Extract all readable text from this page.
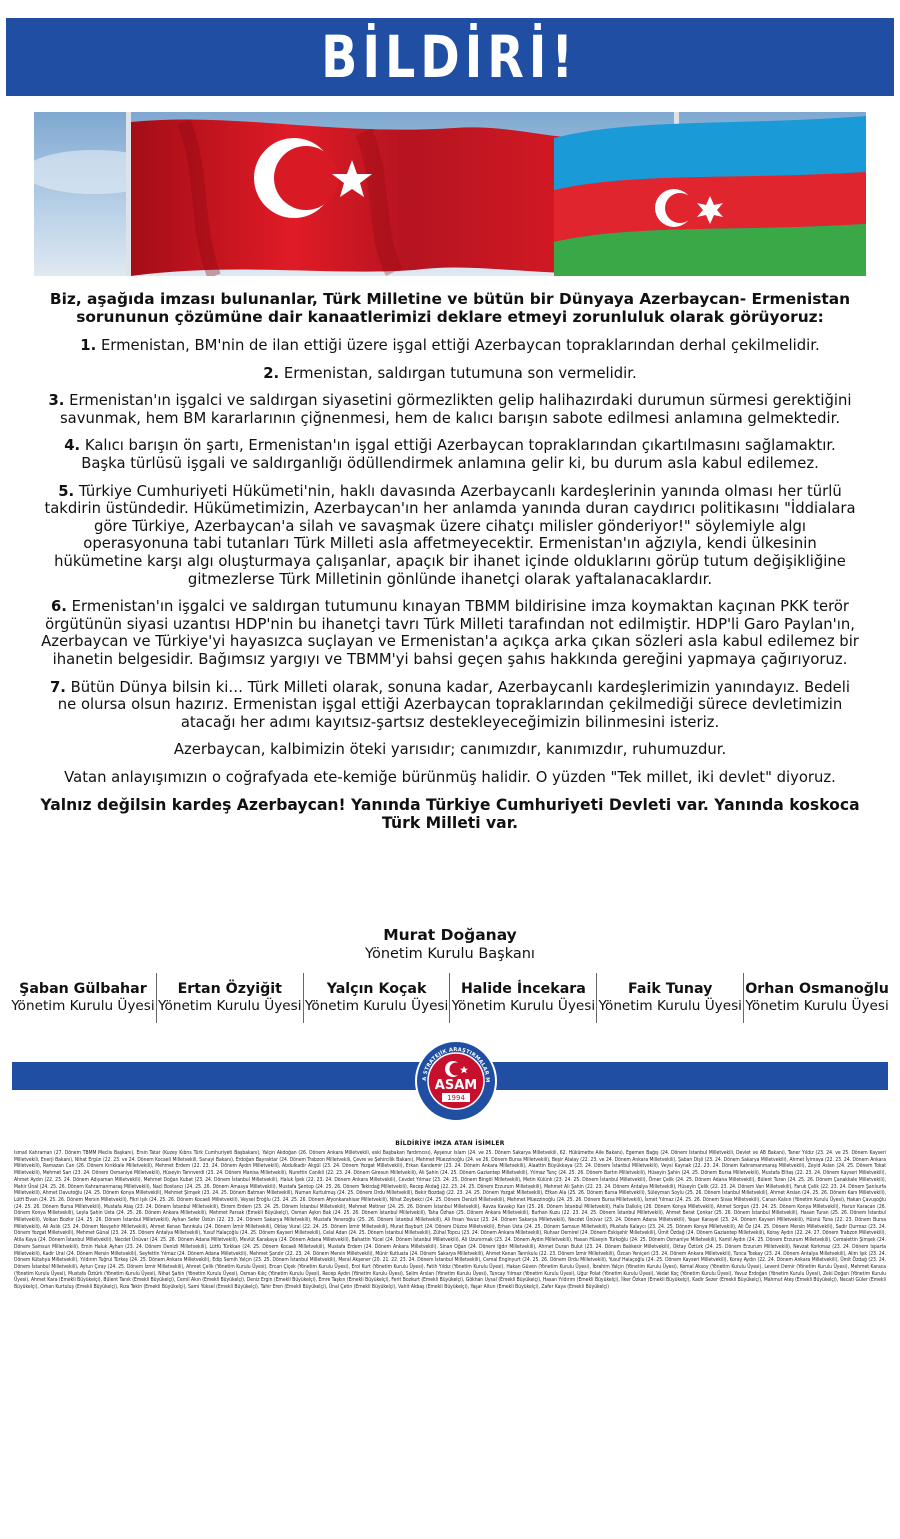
BİLDİRİ!

Biz, aşağıda imzası bulunanlar, Türk Milletine ve bütün bir Dünyaya Azerbaycan- Ermenistan sorununun çözümüne dair kanaatlerimizi deklare etmeyi zorunluluk olarak görüyoruz:

1. Ermenistan, BM'nin de ilan ettiği üzere işgal ettiği Azerbaycan topraklarından derhal çekilmelidir.

2. Ermenistan, saldırgan tutumuna son vermelidir.

3. Ermenistan'ın işgalci ve saldırgan siyasetini görmezlikten gelip halihazırdaki durumun sürmesi gerektiğini savunmak, hem BM kararlarının çiğnenmesi, hem de kalıcı barışın sabote edilmesi anlamına gelmektedir.

4. Kalıcı barışın ön şartı, Ermenistan'ın işgal ettiği Azerbaycan topraklarından çıkartılmasını sağlamaktır. Başka türlüsü işgali ve saldırganlığı ödüllendirmek anlamına gelir ki, bu durum asla kabul edilemez.

5. Türkiye Cumhuriyeti Hükümeti'nin, haklı davasında Azerbaycanlı kardeşlerinin yanında olması her türlü takdirin üstündedir. Hükümetimizin, Azerbaycan'ın her anlamda yanında duran caydırıcı politikasını "İddialara göre Türkiye, Azerbaycan'a silah ve savaşmak üzere cihatçı milisler gönderiyor!" söylemiyle algı operasyonuna tabi tutanları Türk Milleti asla affetmeyecektir. Ermenistan'ın ağzıyla, kendi ülkesinin hükümetine karşı algı oluşturmaya çalışanlar, apaçık bir ihanet içinde olduklarını görüp tutum değişikliğine gitmezlerse Türk Milletinin gönlünde ihanetçi olarak yaftalanacaklardır.

6. Ermenistan'ın işgalci ve saldırgan tutumunu kınayan TBMM bildirisine imza koymaktan kaçınan PKK terör örgütünün siyasi uzantısı HDP'nin bu ihanetçi tavrı Türk Milleti tarafından not edilmiştir. HDP'li Garo Paylan'ın, Azerbaycan ve Türkiye'yi hayasızca suçlayan ve Ermenistan'a açıkça arka çıkan sözleri asla kabul edilemez bir ihanetin belgesidir. Bağımsız yargıyı ve TBMM'yi bahsi geçen şahıs hakkında gereğini yapmaya çağırıyoruz.

7. Bütün Dünya bilsin ki… Türk Milleti olarak, sonuna kadar, Azerbaycanlı kardeşlerimizin yanındayız. Bedeli ne olursa olsun hazırız. Ermenistan işgal ettiği Azerbaycan topraklarından çekilmediği sürece devletimizin atacağı her adımı kayıtsız-şartsız destekleyeceğimizin bilinmesini isteriz.

Azerbaycan, kalbimizin öteki yarısıdır; canımızdır, kanımızdır, ruhumuzdur.

Vatan anlayışımızın o coğrafyada ete-kemiğe bürünmüş halidir. O yüzden "Tek millet, iki devlet" diyoruz.

Yalnız değilsin kardeş Azerbaycan! Yanında Türkiye Cumhuriyeti Devleti var. Yanında koskoca Türk Milleti var.

Murat Doğanay
Yönetim Kurulu Başkanı
Şaban Gülbahar
Yönetim Kurulu Üyesi
Ertan Özyiğit
Yönetim Kurulu Üyesi
Yalçın Koçak
Yönetim Kurulu Üyesi
Halide İncekara
Yönetim Kurulu Üyesi
Faik Tunay
Yönetim Kurulu Üyesi
Orhan Osmanoğlu
Yönetim Kurulu Üyesi
A STRATEJİK ARAŞTIRMALAR M
ASAM
1994
BİLDİRİYE İMZA ATAN İSİMLER
İsmail Kahraman (27. Dönem TBMM Meclis Başkanı), Ersin Tatar (Kuzey Kıbrıs Türk Cumhuriyeti Başbakanı), Yalçın Akdoğan (26. Dönem Ankara Milletvekili, eski Başbakan Yardımcısı), Ayşenur İslam (24. ve 25. Dönem Sakarya Milletvekili, 62. Hükümette Aile Bakanı), Egemen Bağış (24. Dönem İstanbul Milletvekili, Devlet ve AB Bakanı), Taner Yıldız (23. 24. ve 25. Dönem Kayseri Milletvekili, Enerji Bakanı), Nihat Ergün (22. 23. ve 24. Dönem Kocaeli Milletvekili, Sanayi Bakanı), Erdoğan Bayraktar (24. Dönem Trabzon Milletvekili, Çevre ve Şehircilik Bakanı), Mehmet Müezzinoğlu (24. ve 26. Dönem Bursa Milletvekili), Beşir Atalay (22. 23. ve 24. Dönem Ankara Milletvekili), Şaban Dişli (23. 24. Dönem Sakarya Milletvekili), Ahmet İyimaya (22. 23. 24. Dönem Ankara Milletvekili), Ramazan Can (26. Dönem Kırıkkale Milletvekili), Mehmet Erdem (22. 23. 24. Dönem Aydın Milletvekili), Abdulkadir Akgül (23. 24. Dönem Yozgat Milletvekili), Erkan Kandemir (23. 24. Dönem Ankara Milletvekili), Alaattin Büyükkaya (23. 24. Dönem İstanbul Milletvekili), Veysi Kaynak (22. 23. 24. Dönem Kahramanmaraş Milletvekili), Zeyid Aslan (24. 25. Dönem Tokat Milletvekili), Mehmet Sarı (23. 24. Dönem Osmaniye Milletvekili), Hüseyin Tanrıverdi (23. 24. Dönem Manisa Milletvekili), Nurettin Canikli (22. 23. 24. Dönem Giresun Milletvekili), Ali Şahin (24. 25. Dönem Gaziantep Milletvekili), Yılmaz Tunç (24. 25. 26. Dönem Bartın Milletvekili), Hüseyin Şahin (24. 25. Dönem Bursa Milletvekili), Mustafa Elitaş (22. 23. 24. Dönem Kayseri Milletvekili), Ahmet Aydın (22. 23. 24. Dönem Adıyaman Milletvekili), Mehmet Doğan Kubat (23. 24. Dönem İstanbul Milletvekili), Haluk İpek (22. 23. 24. Dönem Ankara Milletvekili), Cevdet Yılmaz (23. 24. 25. Dönem Bingöl Milletvekili), Metin Külünk (23. 24. 25. Dönem İstanbul Milletvekili), Ömer Çelik (24. 25. Dönem Adana Milletvekili), Bülent Turan (24. 25. 26. Dönem Çanakkale Milletvekili), Mahir Ünal (24. 25. 26. Dönem Kahramanmaraş Milletvekili), Naci Bostancı (24. 25. 26. Dönem Amasya Milletvekili), Mustafa Şentop (24. 25. 26. Dönem Tekirdağ Milletvekili), Recep Akdağ (22. 23. 24. 25. Dönem Erzurum Milletvekili), Mehmet Ali Şahin (22. 23. 24. Dönem Antalya Milletvekili), Hüseyin Çelik (22. 23. 24. Dönem Van Milletvekili), Faruk Çelik (22. 23. 24. Dönem Şanlıurfa Milletvekili), Ahmet Davutoğlu (24. 25. Dönem Konya Milletvekili), Mehmet Şimşek (23. 24. 25. Dönem Batman Milletvekili), Numan Kurtulmuş (24. 25. Dönem Ordu Milletvekili), Bekir Bozdağ (22. 23. 24. 25. Dönem Yozgat Milletvekili), Efkan Ala (25. 26. Dönem Bursa Milletvekili), Süleyman Soylu (25. 26. Dönem İstanbul Milletvekili), Ahmet Arslan (24. 25. 26. Dönem Kars Milletvekili), Lütfi Elvan (24. 25. 26. Dönem Mersin Milletvekili), Fikri Işık (24. 25. 26. Dönem Kocaeli Milletvekili), Veysel Eroğlu (23. 24. 25. 26. Dönem Afyonkarahisar Milletvekili), Nihat Zeybekci (24. 25. Dönem Denizli Milletvekili), Mehmet Müezzinoğlu (24. 25. 26. Dönem Bursa Milletvekili), İsmet Yılmaz (24. 25. 26. Dönem Sivas Milletvekili), Canan Kalsın (Yönetim Kurulu Üyesi), Hakan Çavuşoğlu (24. 25. 26. Dönem Bursa Milletvekili), Mustafa Ataş (23. 24. Dönem İstanbul Milletvekili), Ekrem Erdem (23. 24. 25. Dönem İstanbul Milletvekili), Mehmet Metiner (24. 25. 26. Dönem İstanbul Milletvekili), Ravza Kavakçı Kan (25. 26. Dönem İstanbul Milletvekili), Halis Dalkılıç (26. Dönem Konya Milletvekili), Ahmet Sorgun (23. 24. 25. Dönem Konya Milletvekili), Harun Karacan (26. Dönem Konya Milletvekili), Leyla Şahin Usta (24. 25. 26. Dönem Ankara Milletvekili), Mehmet Parsak (Emekli Büyükelçi), Osman Aşkın Bak (24. 25. 26. Dönem İstanbul Milletvekili), Taha Özhan (25. Dönem Ankara Milletvekili), Burhan Kuzu (22. 23. 24. 25. Dönem İstanbul Milletvekili), Ahmet Berat Çonkar (25. 26. Dönem İstanbul Milletvekili), Hasan Turan (25. 26. Dönem İstanbul Milletvekili), Volkan Bozkır (24. 25. 26. Dönem İstanbul Milletvekili), Ayhan Sefer Üstün (22. 23. 24. Dönem Sakarya Milletvekili), Mustafa Yeneroğlu (25. 26. Dönem İstanbul Milletvekili), Ali Ihsan Yavuz (23. 24. Dönem Sakarya Milletvekili), Necdet Ünüvar (23. 24. Dönem Adana Milletvekili), Yaşar Karayel (23. 24. Dönem Kayseri Milletvekili), Hüsnü Tuna (22. 23. Dönem Bursa Milletvekili), Ali Aslık (23. 24. Dönem Nevşehir Milletvekili), Ahmet Kenan Tanrıkulu (24. Dönem İzmir Milletvekili), Oktay Vural (22. 24. 25. Dönem İzmir Milletvekili), Murat Bayburt (24. Dönem Düzce Milletvekili), Erhan Usta (24. 25. Dönem Samsun Milletvekili), Mustafa Kalaycı (23. 24. 25. Dönem Konya Milletvekili), Ali Öz (24. 25. Dönem Mersin Milletvekili), Sadir Durmaz (23. 24. Dönem Yozgat Milletvekili), Mehmet Günal (23. 24. 25. Dönem Antalya Milletvekili), Yusuf Halaçoğlu (24. 25. Dönem Kayseri Milletvekili), Celal Adan (24. 25. Dönem İstanbul Milletvekili), Zühal Topcu (23. 24. Dönem Ankara Milletvekili), Ruhsar Demirel (24. Dönem Eskişehir Milletvekili), Ümit Özdağ (24. Dönem Gaziantep Milletvekili), Koray Aydın (22. 24. 27. Dönem Trabzon Milletvekili), Atila Kaya (24. Dönem İstanbul Milletvekili), Necdet Ünüvar (24. 25. 26. Dönem Adana Milletvekili), Mevlüt Karakaya (24. Dönem Adana Milletvekili), Bahattin Yücel (24. Dönem İstanbul Milletvekili), Ali Uzunırmak (23. 24. Dönem Aydın Milletvekili), Hasan Hüseyin Türkoğlu (24. 25. Dönem Osmaniye Milletvekili), Kamil Aydın (24. 25. Dönem Erzurum Milletvekili), Cemalettin Şimşek (24. Dönem Samsun Milletvekili), Emin Haluk Ayhan (23. 24. Dönem Denizli Milletvekili), Lütfü Türkkan (24. 25. Dönem Kocaeli Milletvekili), Mustafa Erdem (24. Dönem Ankara Milletvekili), Sinan Oğan (24. Dönem Iğdır Milletvekili), Ahmet Duran Bulut (23. 24. Dönem Balıkesir Milletvekili), Oktay Öztürk (24. 25. Dönem Erzurum Milletvekili), Nevzat Korkmaz (23. 24. Dönem Isparta Milletvekili), Kadir Ural (24. Dönem Mersin Milletvekili), Seyfettin Yılmaz (24. Dönem Adana Milletvekili), Mehmet Şandır (22. 23. 24. Dönem Mersin Milletvekili), Münir Kutluata (24. Dönem Sakarya Milletvekili), Ahmet Kenan Tanrıkulu (22. 23. Dönem İzmir Milletvekili), Özcan Yeniçeri (23. 24. Dönem Ankara Milletvekili), Tunca Toskay (23. 24. Dönem Antalya Milletvekili), Alim Işık (23. 24. Dönem Kütahya Milletvekili), Yıldırım Tuğrul Türkeş (24. 25. Dönem Ankara Milletvekili), Edip Semih Yalçın (23. 25. Dönem İstanbul Milletvekili), Meral Akşener (20. 21. 22. 23. 24. Dönem İstanbul Milletvekili), Cemal Enginyurt (24. 25. 26. Dönem Ordu Milletvekili), Yusuf Halaçoğlu (24. 25. Dönem Kayseri Milletvekili), Koray Aydın (22. 24. Dönem Ankara Milletvekili), Ümit Özdağ (23. 24. Dönem İstanbul Milletvekili), Aytun Çıray (24. 25. Dönem İzmir Milletvekili), Ahmet Çelik (Yönetim Kurulu Üyesi), Ercan Çiçek (Yönetim Kurulu Üyesi), Erol Kurt (Yönetim Kurulu Üyesi), Fatih Yıldız (Yönetim Kurulu Üyesi), Hakan Güven (Yönetim Kurulu Üyesi), İbrahim Yalçın (Yönetim Kurulu Üyesi), Kemal Aksoy (Yönetim Kurulu Üyesi), Levent Demir (Yönetim Kurulu Üyesi), Mehmet Karaca (Yönetim Kurulu Üyesi), Mustafa Öztürk (Yönetim Kurulu Üyesi), Nihat Şahin (Yönetim Kurulu Üyesi), Osman Kılıç (Yönetim Kurulu Üyesi), Recep Aydın (Yönetim Kurulu Üyesi), Selim Arslan (Yönetim Kurulu Üyesi), Tuncay Yılmaz (Yönetim Kurulu Üyesi), Uğur Polat (Yönetim Kurulu Üyesi), Vedat Koç (Yönetim Kurulu Üyesi), Yavuz Erdoğan (Yönetim Kurulu Üyesi), Zeki Doğan (Yönetim Kurulu Üyesi), Ahmet Kara (Emekli Büyükelçi), Bülent Tanık (Emekli Büyükelçi), Cemil Akın (Emekli Büyükelçi), Deniz Ergin (Emekli Büyükelçi), Emre Taşkın (Emekli Büyükelçi), Ferit Bozkurt (Emekli Büyükelçi), Gökhan Uysal (Emekli Büyükelçi), Hasan Yıldırım (Emekli Büyükelçi), İlker Özkan (Emekli Büyükelçi), Kadir Sezer (Emekli Büyükelçi), Mahmut Ateş (Emekli Büyükelçi), Necati Güler (Emekli Büyükelçi), Orhan Kurtuluş (Emekli Büyükelçi), Rıza Tekin (Emekli Büyükelçi), Sami Yüksel (Emekli Büyükelçi), Tahir Eren (Emekli Büyükelçi), Ünal Çetin (Emekli Büyükelçi), Vahit Akbaş (Emekli Büyükelçi), Yaşar Altun (Emekli Büyükelçi), Zafer Kaya (Emekli Büyükelçi)
